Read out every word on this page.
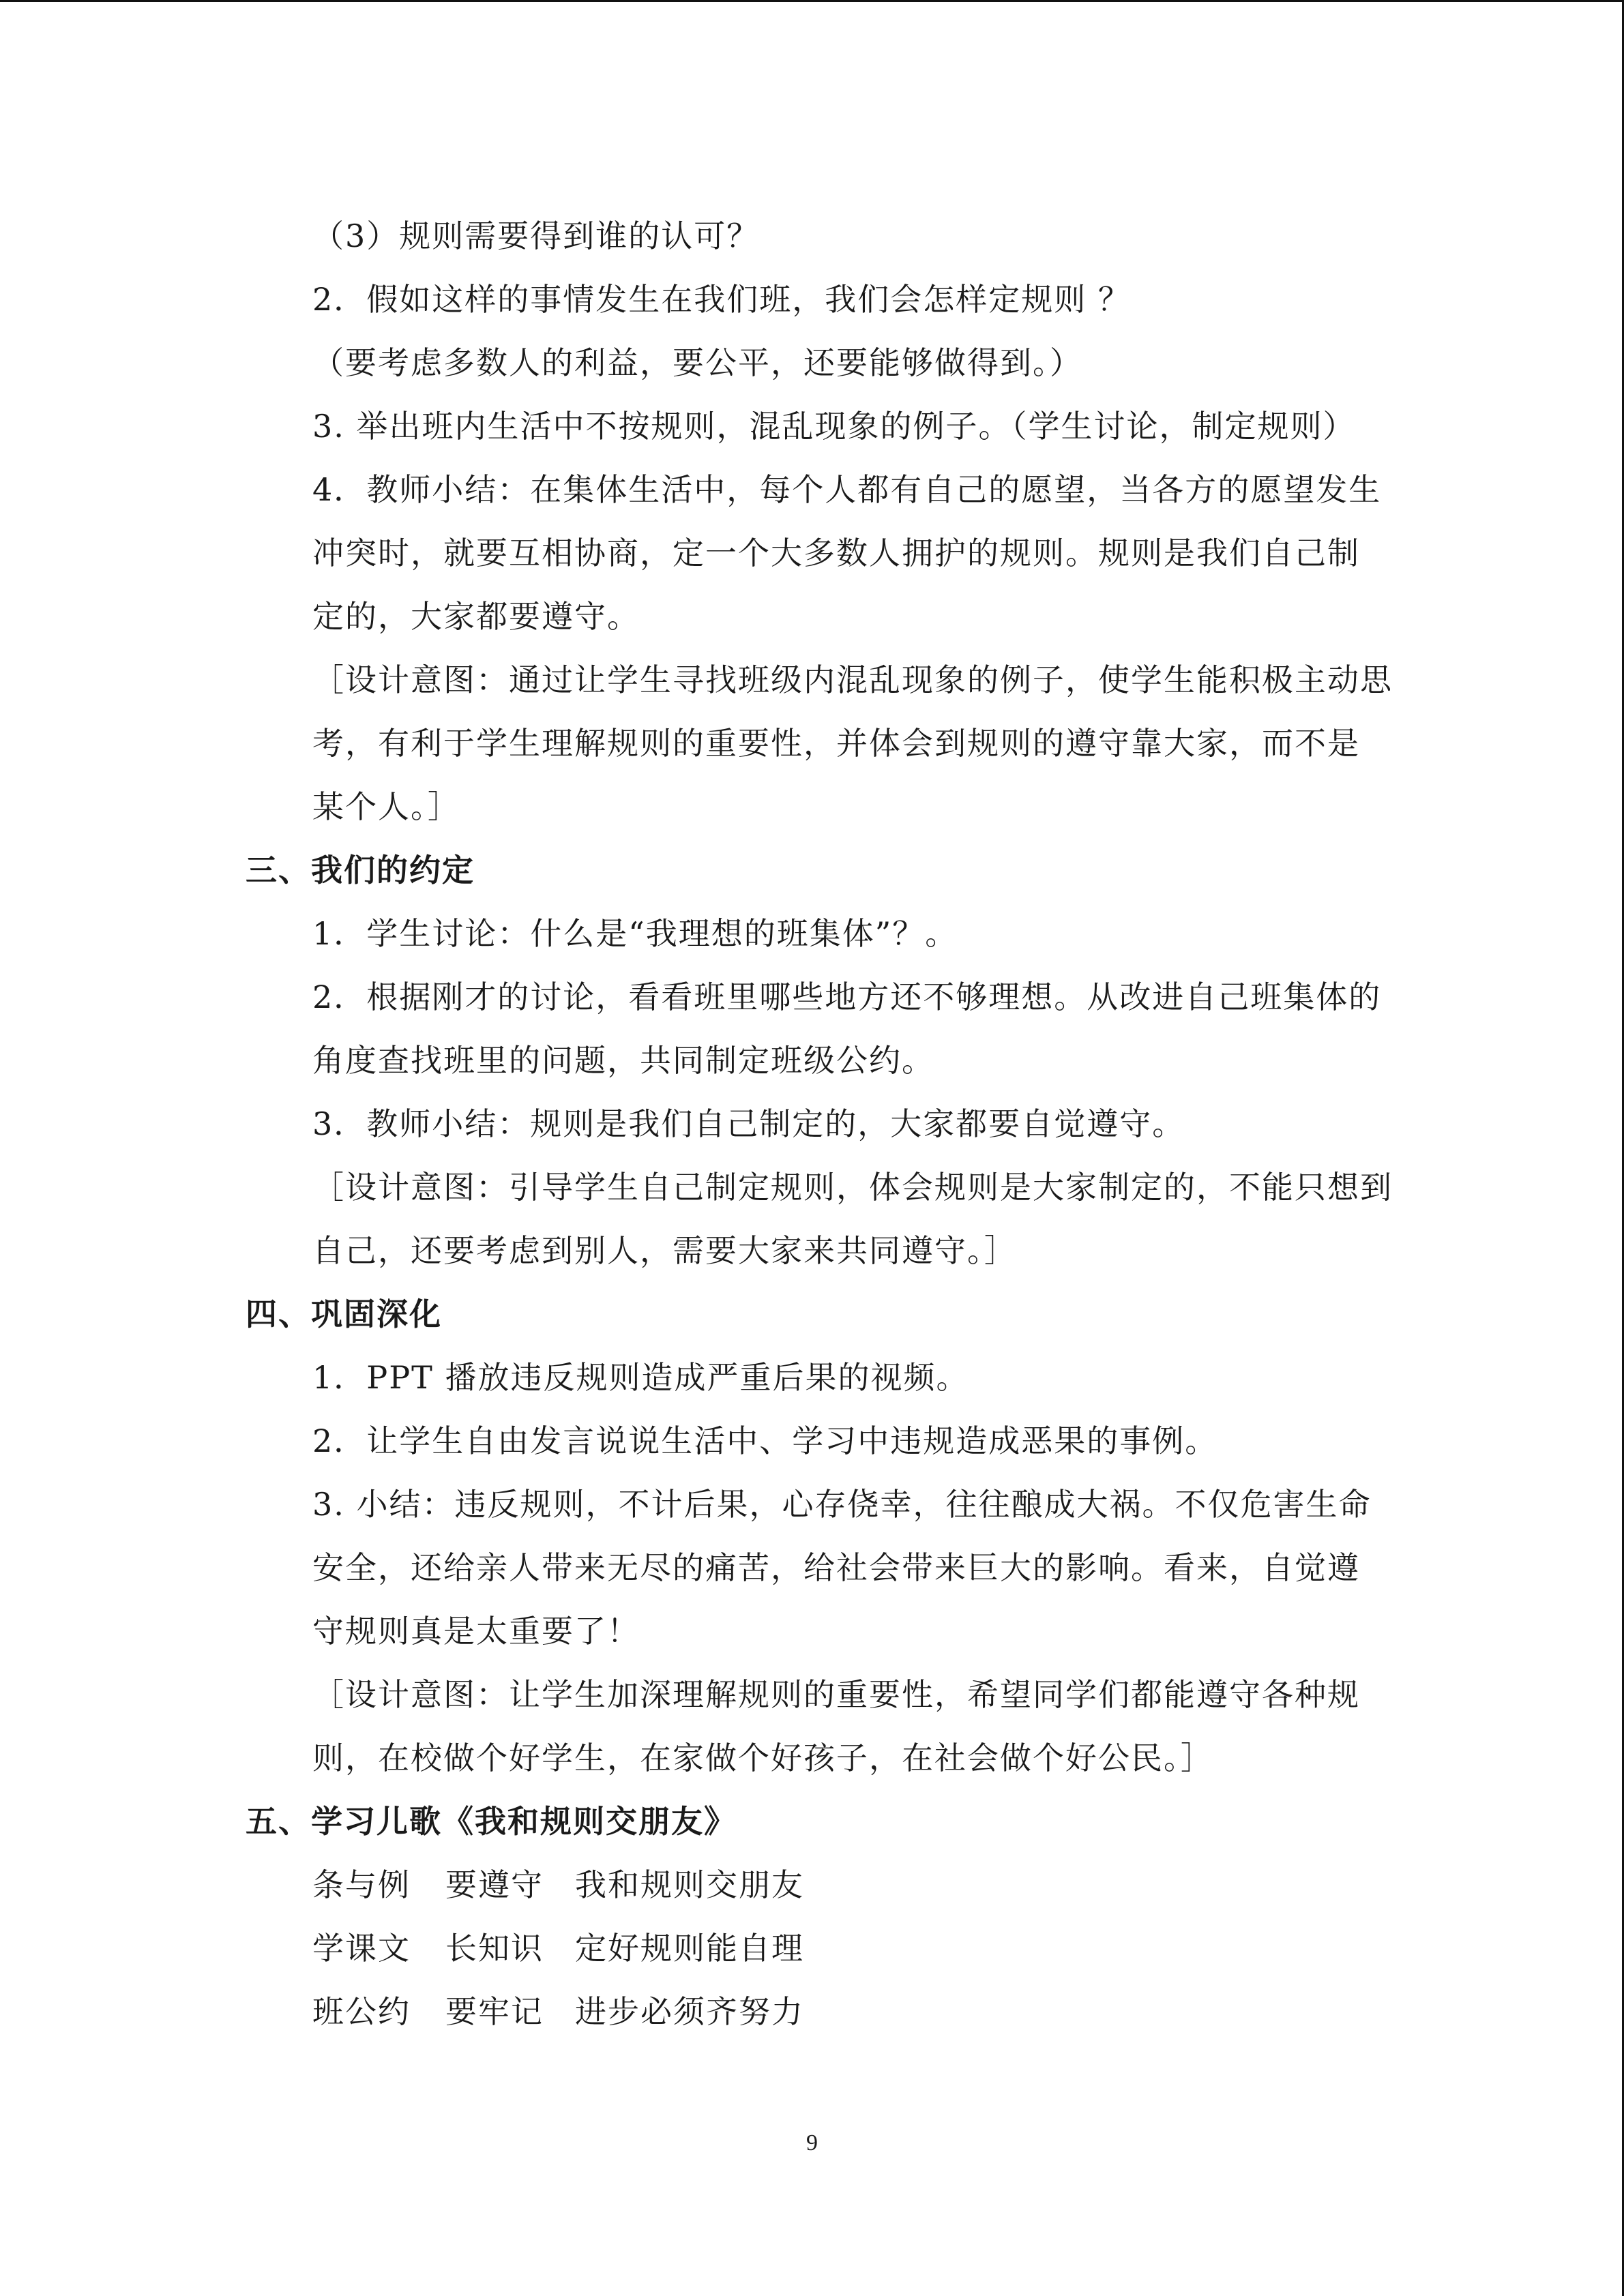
（3）规则需要得到谁的认可？
2．假如这样的事情发生在我们班，我们会怎样定规则 ？
（要考虑多数人的利益，要公平，还要能够做得到。）
3. 举出班内生活中不按规则，混乱现象的例子。（学生讨论，制定规则）
4．教师小结：在集体生活中，每个人都有自己的愿望，当各方的愿望发生
冲突时，就要互相协商，定一个大多数人拥护的规则。规则是我们自己制
定的，大家都要遵守。
［设计意图：通过让学生寻找班级内混乱现象的例子，使学生能积极主动思
考，有利于学生理解规则的重要性，并体会到规则的遵守靠大家，而不是
某个人。］
三、我们的约定
1．学生讨论：什么是“我理想的班集体”？。
2．根据刚才的讨论，看看班里哪些地方还不够理想。从改进自己班集体的
角度查找班里的问题，共同制定班级公约。
3．教师小结：规则是我们自己制定的，大家都要自觉遵守。
［设计意图：引导学生自己制定规则，体会规则是大家制定的，不能只想到
自己，还要考虑到别人，需要大家来共同遵守。］
四、巩固深化
1．PPT 播放违反规则造成严重后果的视频。
2．让学生自由发言说说生活中、学习中违规造成恶果的事例。
3. 小结：违反规则，不计后果，心存侥幸，往往酿成大祸。不仅危害生命
安全，还给亲人带来无尽的痛苦，给社会带来巨大的影响。看来，自觉遵
守规则真是太重要了！
［设计意图：让学生加深理解规则的重要性，希望同学们都能遵守各种规
则，在校做个好学生，在家做个好孩子，在社会做个好公民。］
五、学习儿歌《我和规则交朋友》
条与例 要遵守 我和规则交朋友
学课文 长知识 定好规则能自理
班公约 要牢记 进步必须齐努力
9
